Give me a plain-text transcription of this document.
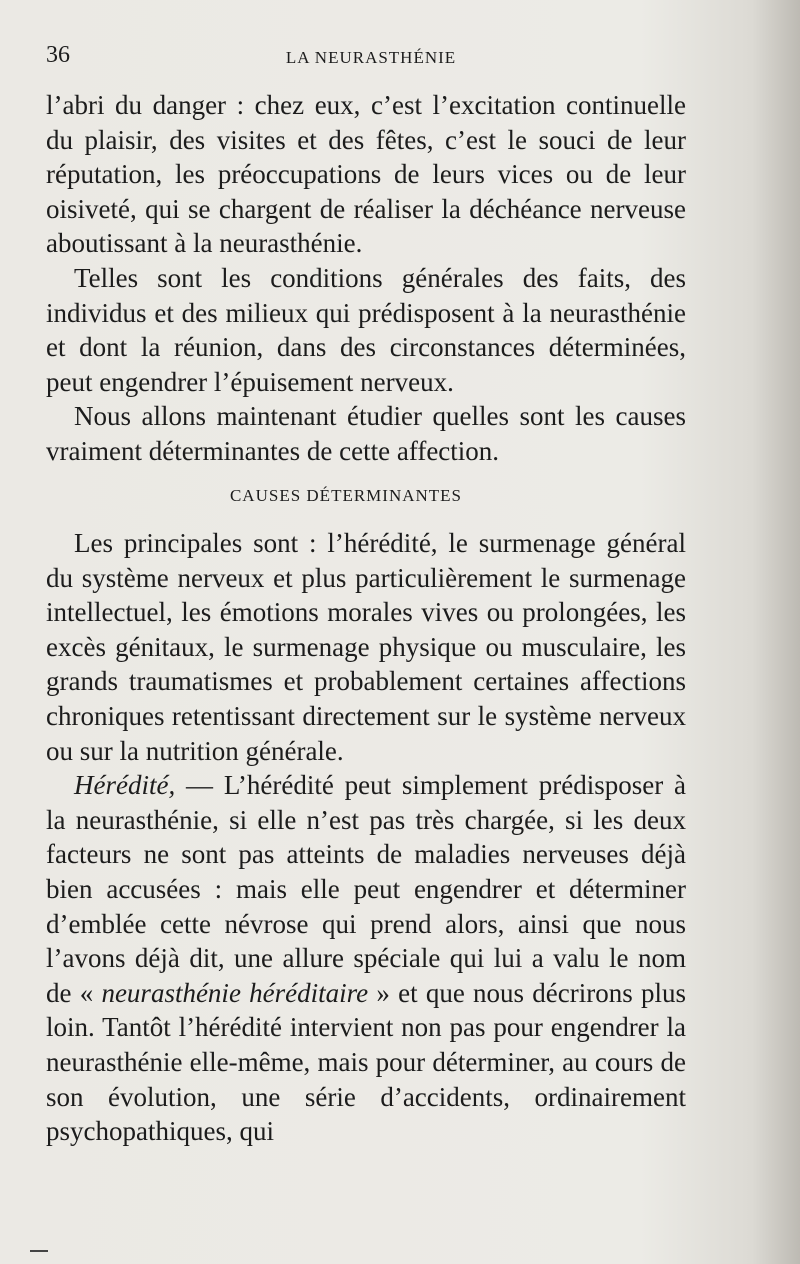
36	LA NEURASTHÉNIE

l’abri du danger : chez eux, c’est l’excitation continuelle du plaisir, des visites et des fêtes, c’est le souci de leur réputation, les préoccupations de leurs vices ou de leur oisiveté, qui se chargent de réaliser la déchéance nerveuse aboutissant à la neurasthénie.

Telles sont les conditions générales des faits, des individus et des milieux qui prédisposent à la neurasthénie et dont la réunion, dans des circonstances déterminées, peut engendrer l’épuisement nerveux.

Nous allons maintenant étudier quelles sont les causes vraiment déterminantes de cette affection.

CAUSES DÉTERMINANTES

Les principales sont : l’hérédité, le surmenage général du système nerveux et plus particulièrement le surmenage intellectuel, les émotions morales vives ou prolongées, les excès génitaux, le surmenage physique ou musculaire, les grands traumatismes et probablement certaines affections chroniques retentissant directement sur le système nerveux ou sur la nutrition générale.

Hérédité, — L’hérédité peut simplement prédisposer à la neurasthénie, si elle n’est pas très chargée, si les deux facteurs ne sont pas atteints de maladies nerveuses déjà bien accusées : mais elle peut engendrer et déterminer d’emblée cette névrose qui prend alors, ainsi que nous l’avons déjà dit, une allure spéciale qui lui a valu le nom de « neurasthénie héréditaire » et que nous décrirons plus loin. Tantôt l’hérédité intervient non pas pour engendrer la neurasthénie elle-même, mais pour déterminer, au cours de son évolution, une série d’accidents, ordinairement psychopathiques, qui
